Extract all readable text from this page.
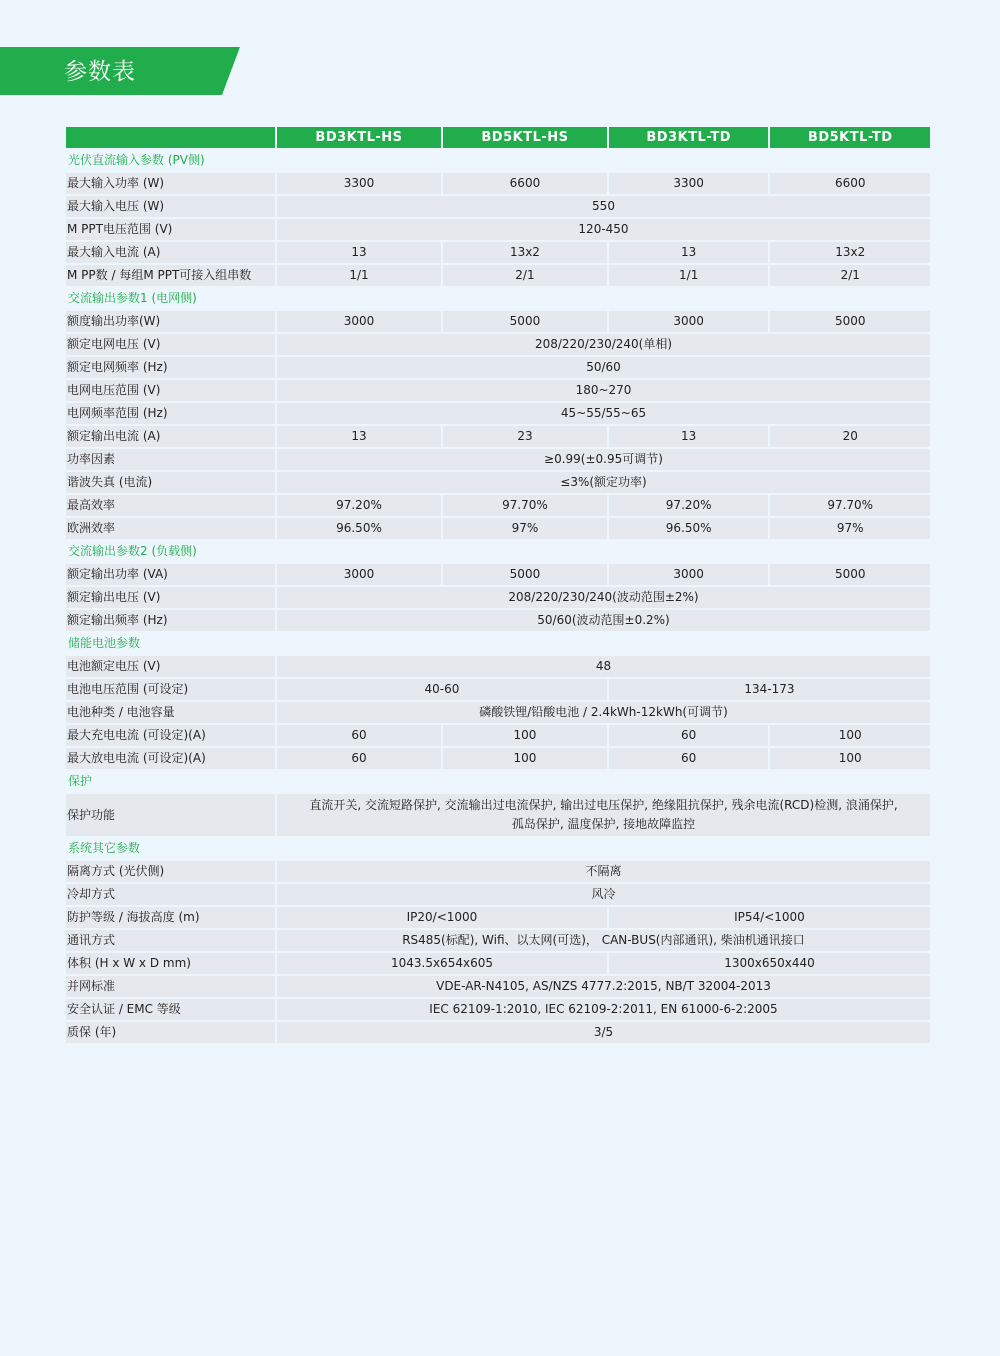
参数表
	BD3KTL-HS	BD5KTL-HS	BD3KTL-TD	BD5KTL-TD
光伏直流输入参数 (PV侧)				
最大输入功率 (W)	3300	6600	3300	6600
最大输入电压 (W)	550			
M PPT电压范围 (V)	120-450			
最大输入电流 (A)	13	13x2	13	13x2
M PP数 / 每组M PPT可接入组串数	1/1	2/1	1/1	2/1
交流输出参数1 (电网侧)				
额度输出功率(W)	3000	5000	3000	5000
额定电网电压 (V)	208/220/230/240(单相)			
额定电网频率 (Hz)	50/60			
电网电压范围 (V)	180~270			
电网频率范围 (Hz)	45~55/55~65			
额定输出电流 (A)	13	23	13	20
功率因素	≥0.99(±0.95可调节)			
谐波失真 (电流)	≤3%(额定功率)			
最高效率	97.20%	97.70%	97.20%	97.70%
欧洲效率	96.50%	97%	96.50%	97%
交流输出参数2 (负载侧)				
额定输出功率 (VA)	3000	5000	3000	5000
额定输出电压 (V)	208/220/230/240(波动范围±2%)			
额定输出频率 (Hz)	50/60(波动范围±0.2%)			
储能电池参数				
电池额定电压 (V)	48			
电池电压范围 (可设定)	40-60		134-173	
电池种类 / 电池容量	磷酸铁锂/铅酸电池 / 2.4kWh-12kWh(可调节)			
最大充电电流 (可设定)(A)	60	100	60	100
最大放电电流 (可设定)(A)	60	100	60	100
保护				
保护功能	直流开关, 交流短路保护, 交流输出过电流保护, 输出过电压保护, 绝缘阻抗保护, 残余电流(RCD)检测, 浪涌保护,
孤岛保护, 温度保护, 接地故障监控			

系统其它参数				
隔离方式 (光伏侧)	不隔离			
冷却方式	风冷			
防护等级 / 海拔高度 (m)	IP20/<1000		IP54/<1000	
通讯方式	RS485(标配), Wifi、以太网(可选)， CAN-BUS(内部通讯), 柴油机通讯接口			
体积 (H x W x D mm)	1043.5x654x605		1300x650x440	
并网标准	VDE-AR-N4105, AS/NZS 4777.2:2015, NB/T 32004-2013			
安全认证 / EMC 等级	IEC 62109-1:2010, IEC 62109-2:2011, EN 61000-6-2:2005			
质保 (年)	3/5			
